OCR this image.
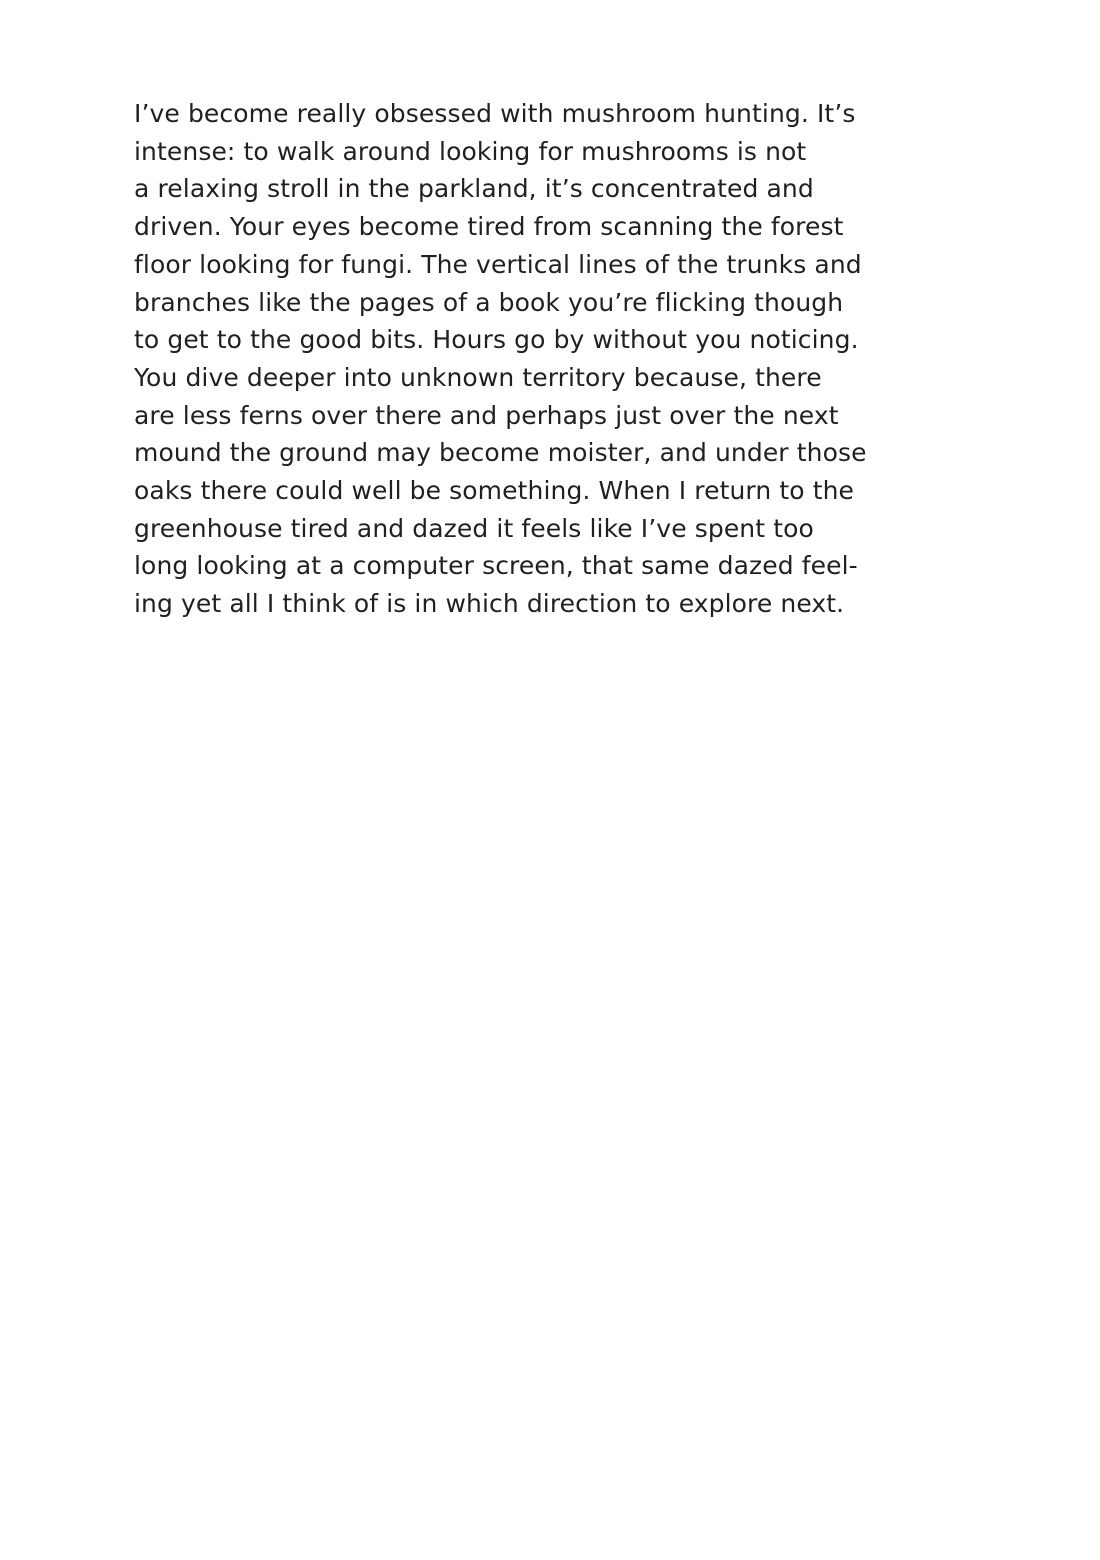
I’ve become really obsessed with mushroom hunting. It’s
intense: to walk around looking for mushrooms is not
a relaxing stroll in the parkland, it’s concentrated and
driven. Your eyes become tired from scanning the forest
floor looking for fungi. The vertical lines of the trunks and
branches like the pages of a book you’re flicking though
to get to the good bits. Hours go by without you noticing.
You dive deeper into unknown territory because, there
are less ferns over there and perhaps just over the next
mound the ground may become moister, and under those
oaks there could well be something. When I return to the
greenhouse tired and dazed it feels like I’ve spent too
long looking at a computer screen, that same dazed feel-
ing yet all I think of is in which direction to explore next.
